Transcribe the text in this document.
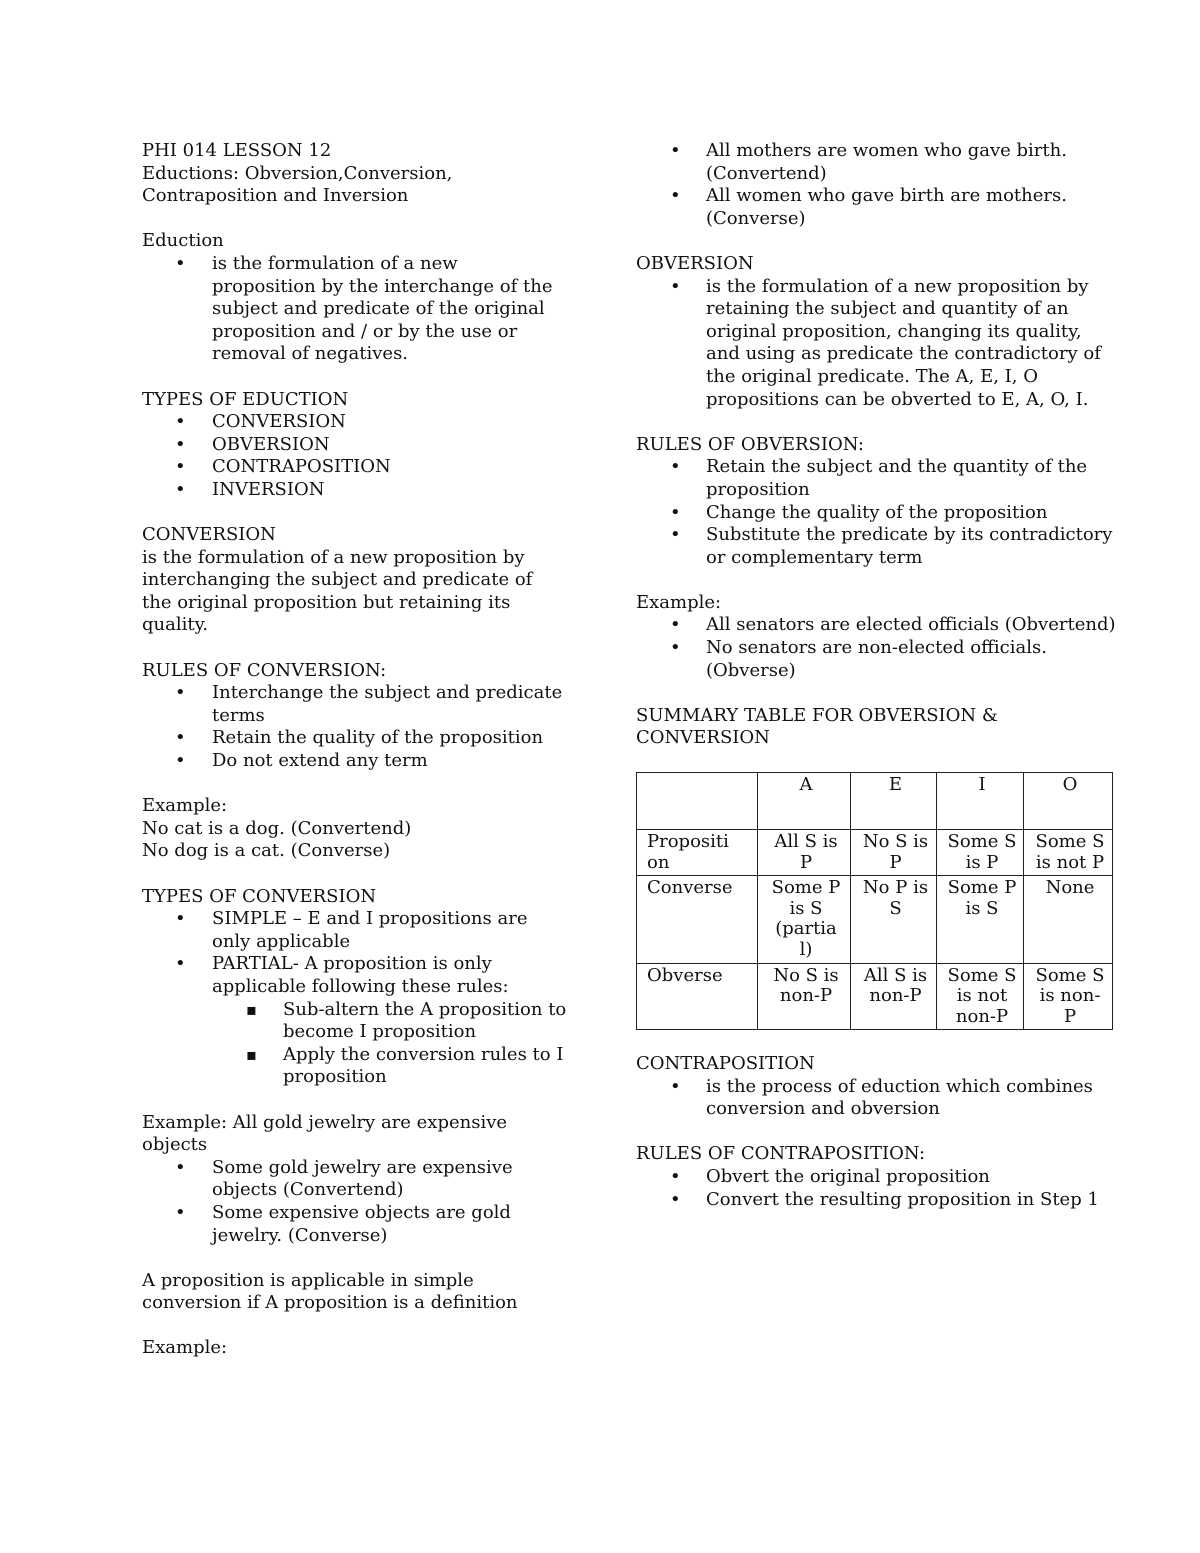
PHI 014 LESSON 12

Eductions: Obversion,Conversion,

Contraposition and Inversion

Eduction

• is the formulation of a new proposition by the interchange of the subject and predicate of the original proposition and / or by the use or removal of negatives.

TYPES OF EDUCTION

• CONVERSION
• OBVERSION
• CONTRAPOSITION
• INVERSION

CONVERSION

is the formulation of a new proposition by interchanging the subject and predicate of the original proposition but retaining its quality.

RULES OF CONVERSION:

• Interchange the subject and predicate terms
• Retain the quality of the proposition
• Do not extend any term

Example:

No cat is a dog. (Convertend)

No dog is a cat. (Converse)

TYPES OF CONVERSION

• SIMPLE – E and I propositions are only applicable
• PARTIAL- A proposition is only applicable following these rules:
▪ Sub-altern the A proposition to become I proposition
▪ Apply the conversion rules to I proposition

Example: All gold jewelry are expensive objects

• Some gold jewelry are expensive objects (Convertend)
• Some expensive objects are gold jewelry. (Converse)

A proposition is applicable in simple conversion if A proposition is a definition

Example:

• All mothers are women who gave birth. (Convertend)
• All women who gave birth are mothers. (Converse)

OBVERSION

• is the formulation of a new proposition by retaining the subject and quantity of an original proposition, changing its quality, and using as predicate the contradictory of the original predicate. The A, E, I, O propositions can be obverted to E, A, O, I.

RULES OF OBVERSION:

• Retain the subject and the quantity of the proposition
• Change the quality of the proposition
• Substitute the predicate by its contradictory or complementary term

Example:

• All senators are elected officials (Obvertend)
• No senators are non-elected officials. (Obverse)

SUMMARY TABLE FOR OBVERSION & CONVERSION

	A	E	I	O
Propositi on	All S is P	No S is P	Some S is P	Some S is not P
Converse	Some P is S (partia l)	No P is S	Some P is S	None
Obverse	No S is non-P	All S is non-P	Some S is not non-P	Some S is non-P

CONTRAPOSITION

• is the process of eduction which combines conversion and obversion

RULES OF CONTRAPOSITION:

• Obvert the original proposition
• Convert the resulting proposition in Step 1
